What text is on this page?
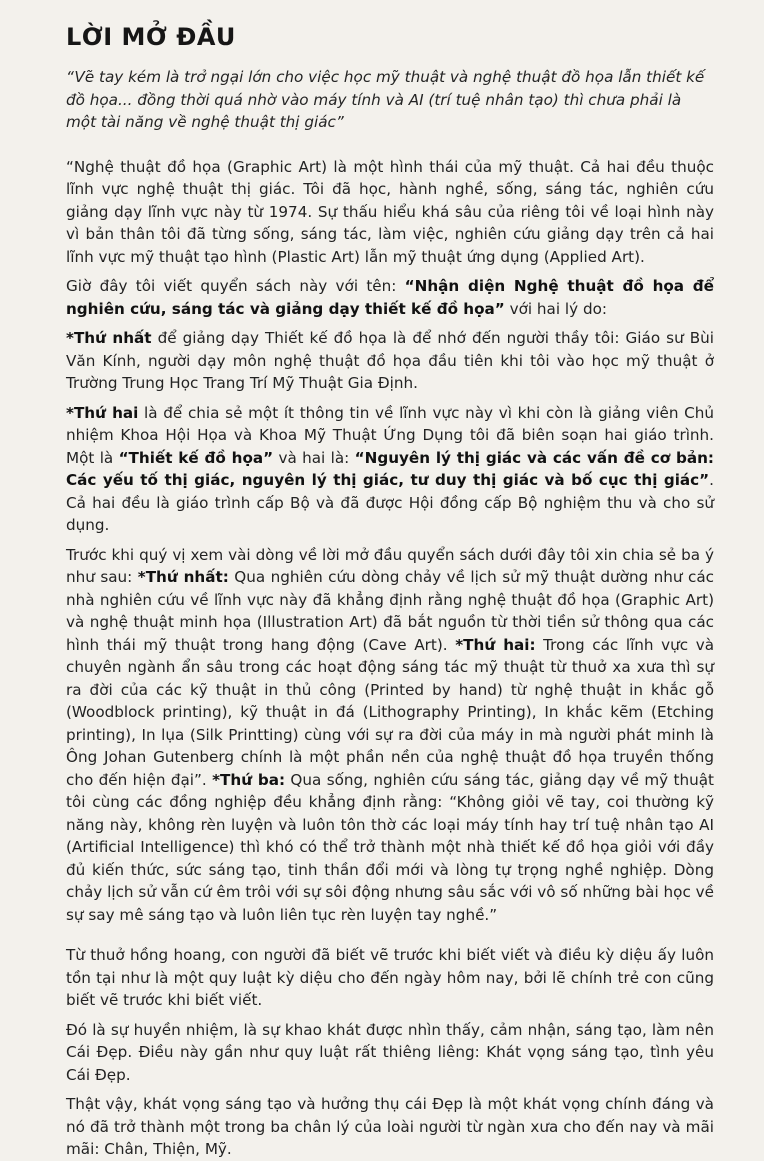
LỜI MỞ ĐẦU

“Vẽ tay kém là trở ngại lớn cho việc học mỹ thuật và nghệ thuật đồ họa lẫn thiết kế đồ họa... đồng thời quá nhờ vào máy tính và AI (trí tuệ nhân tạo) thì chưa phải là một tài năng về nghệ thuật thị giác”

“Nghệ thuật đồ họa (Graphic Art) là một hình thái của mỹ thuật. Cả hai đều thuộc lĩnh vực nghệ thuật thị giác. Tôi đã học, hành nghề, sống, sáng tác, nghiên cứu giảng dạy lĩnh vực này từ 1974. Sự thấu hiểu khá sâu của riêng tôi về loại hình này vì bản thân tôi đã từng sống, sáng tác, làm việc, nghiên cứu giảng dạy trên cả hai lĩnh vực mỹ thuật tạo hình (Plastic Art) lẫn mỹ thuật ứng dụng (Applied Art).

Giờ đây tôi viết quyển sách này với tên: “Nhận diện Nghệ thuật đồ họa để nghiên cứu, sáng tác và giảng dạy thiết kế đồ họa” với hai lý do:

*Thứ nhất để giảng dạy Thiết kế đồ họa là để nhớ đến người thầy tôi: Giáo sư Bùi Văn Kính, người dạy môn nghệ thuật đồ họa đầu tiên khi tôi vào học mỹ thuật ở Trường Trung Học Trang Trí Mỹ Thuật Gia Định.

*Thứ hai là để chia sẻ một ít thông tin về lĩnh vực này vì khi còn là giảng viên Chủ nhiệm Khoa Hội Họa và Khoa Mỹ Thuật Ứng Dụng tôi đã biên soạn hai giáo trình. Một là “Thiết kế đồ họa” và hai là: “Nguyên lý thị giác và các vấn đề cơ bản: Các yếu tố thị giác, nguyên lý thị giác, tư duy thị giác và bố cục thị giác”. Cả hai đều là giáo trình cấp Bộ và đã được Hội đồng cấp Bộ nghiệm thu và cho sử dụng.

Trước khi quý vị xem vài dòng về lời mở đầu quyển sách dưới đây tôi xin chia sẻ ba ý như sau: *Thứ nhất: Qua nghiên cứu dòng chảy về lịch sử mỹ thuật dường như các nhà nghiên cứu về lĩnh vực này đã khẳng định rằng nghệ thuật đồ họa (Graphic Art) và nghệ thuật minh họa (Illustration Art) đã bắt nguồn từ thời tiền sử thông qua các hình thái mỹ thuật trong hang động (Cave Art). *Thứ hai: Trong các lĩnh vực và chuyên ngành ẩn sâu trong các hoạt động sáng tác mỹ thuật từ thuở xa xưa thì sự ra đời của các kỹ thuật in thủ công (Printed by hand) từ nghệ thuật in khắc gỗ (Woodblock printing), kỹ thuật in đá (Lithography Printing), In khắc kẽm (Etching printing), In lụa (Silk Printting) cùng với sự ra đời của máy in mà người phát minh là Ông Johan Gutenberg chính là một phần nền của nghệ thuật đồ họa truyền thống cho đến hiện đại”. *Thứ ba: Qua sống, nghiên cứu sáng tác, giảng dạy về mỹ thuật tôi cùng các đồng nghiệp đều khẳng định rằng: “Không giỏi vẽ tay, coi thường kỹ năng này, không rèn luyện và luôn tôn thờ các loại máy tính hay trí tuệ nhân tạo AI (Artificial Intelligence) thì khó có thể trở thành một nhà thiết kế đồ họa giỏi với đầy đủ kiến thức, sức sáng tạo, tinh thần đổi mới và lòng tự trọng nghề nghiệp. Dòng chảy lịch sử vẫn cứ êm trôi với sự sôi động nhưng sâu sắc với vô số những bài học về sự say mê sáng tạo và luôn liên tục rèn luyện tay nghề.”

Từ thuở hồng hoang, con người đã biết vẽ trước khi biết viết và điều kỳ diệu ấy luôn tồn tại như là một quy luật kỳ diệu cho đến ngày hôm nay, bởi lẽ chính trẻ con cũng biết vẽ trước khi biết viết.

Đó là sự huyền nhiệm, là sự khao khát được nhìn thấy, cảm nhận, sáng tạo, làm nên Cái Đẹp. Điều này gần như quy luật rất thiêng liêng: Khát vọng sáng tạo, tình yêu Cái Đẹp.

Thật vậy, khát vọng sáng tạo và hưởng thụ cái Đẹp là một khát vọng chính đáng và nó đã trở thành một trong ba chân lý của loài người từ ngàn xưa cho đến nay và mãi mãi: Chân, Thiện, Mỹ.
